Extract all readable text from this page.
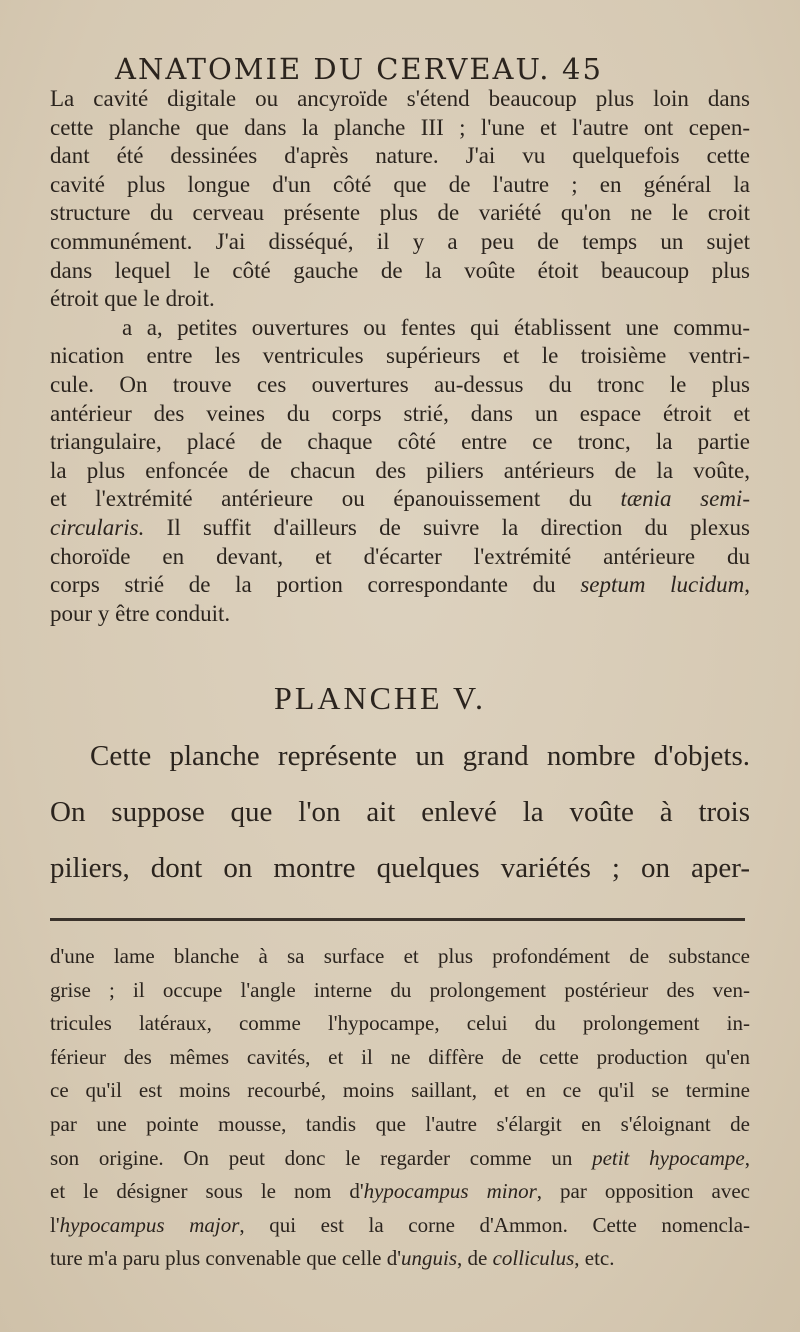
ANATOMIE DU CERVEAU. 45
La cavité digitale ou ancyroïde s'étend beaucoup plus loin dans
cette planche que dans la planche III ; l'une et l'autre ont cepen-
dant été dessinées d'après nature. J'ai vu quelquefois cette
cavité plus longue d'un côté que de l'autre ; en général la
structure du cerveau présente plus de variété qu'on ne le croit
communément. J'ai disséqué, il y a peu de temps un sujet
dans lequel le côté gauche de la voûte étoit beaucoup plus
étroit que le droit.
a a, petites ouvertures ou fentes qui établissent une commu-
nication entre les ventricules supérieurs et le troisième ventri-
cule. On trouve ces ouvertures au-dessus du tronc le plus
antérieur des veines du corps strié, dans un espace étroit et
triangulaire, placé de chaque côté entre ce tronc, la partie
la plus enfoncée de chacun des piliers antérieurs de la voûte,
et l'extrémité antérieure ou épanouissement du tænia semi-
circularis. Il suffit d'ailleurs de suivre la direction du plexus
choroïde en devant, et d'écarter l'extrémité antérieure du
corps strié de la portion correspondante du septum lucidum,
pour y être conduit.
PLANCHE V.
Cette planche représente un grand nombre d'objets.
On suppose que l'on ait enlevé la voûte à trois
piliers, dont on montre quelques variétés ; on aper-
d'une lame blanche à sa surface et plus profondément de substance
grise ; il occupe l'angle interne du prolongement postérieur des ven-
tricules latéraux, comme l'hypocampe, celui du prolongement in-
férieur des mêmes cavités, et il ne diffère de cette production qu'en
ce qu'il est moins recourbé, moins saillant, et en ce qu'il se termine
par une pointe mousse, tandis que l'autre s'élargit en s'éloignant de
son origine. On peut donc le regarder comme un petit hypocampe,
et le désigner sous le nom d'hypocampus minor, par opposition avec
l'hypocampus major, qui est la corne d'Ammon. Cette nomencla-
ture m'a paru plus convenable que celle d'unguis, de colliculus, etc.
